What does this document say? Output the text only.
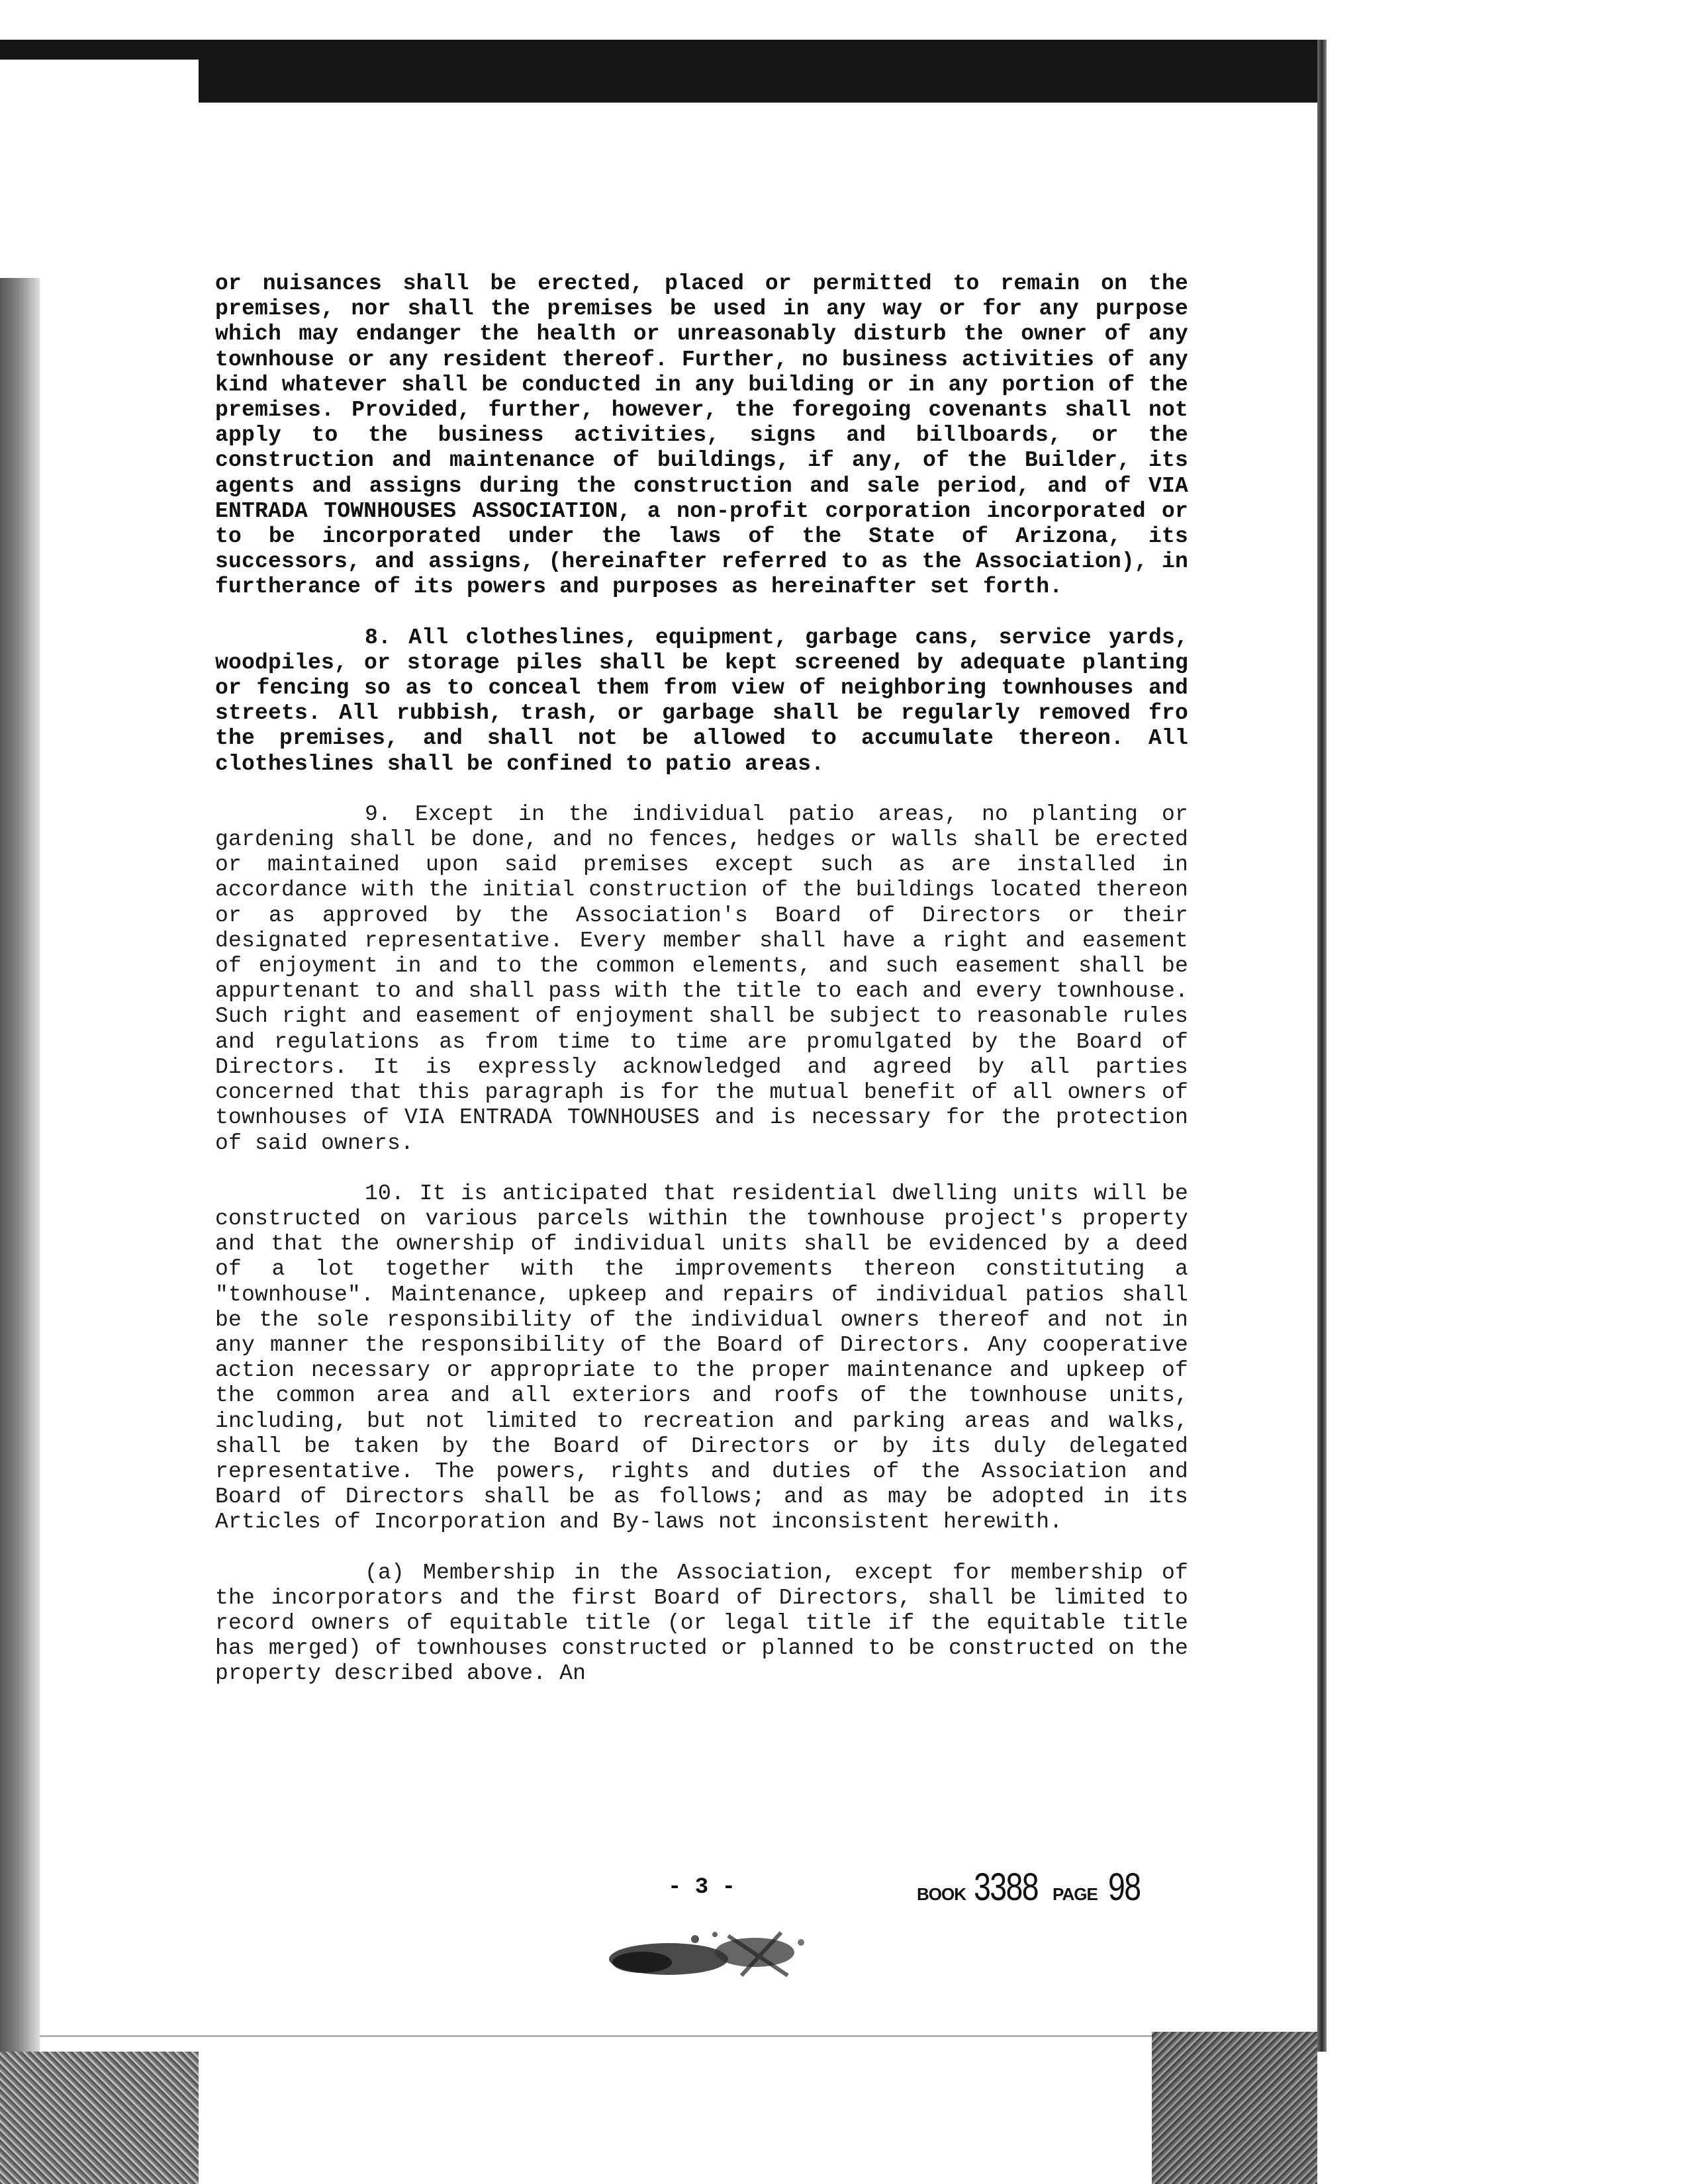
or nuisances shall be erected, placed or permitted to remain on the premises, nor shall the premises be used in any way or for any purpose which may endanger the health or unreasonably disturb the owner of any townhouse or any resident thereof. Further, no business activities of any kind whatever shall be conducted in any building or in any portion of the premises. Provided, further, however, the foregoing covenants shall not apply to the business activities, signs and billboards, or the construction and maintenance of buildings, if any, of the Builder, its agents and assigns during the construction and sale period, and of VIA ENTRADA TOWNHOUSES ASSOCIATION, a non-profit corporation incorporated or to be incorporated under the laws of the State of Arizona, its successors, and assigns, (hereinafter referred to as the Association), in furtherance of its powers and purposes as hereinafter set forth.

8. All clotheslines, equipment, garbage cans, service yards, woodpiles, or storage piles shall be kept screened by adequate planting or fencing so as to conceal them from view of neighboring townhouses and streets. All rubbish, trash, or garbage shall be regularly removed fro the premises, and shall not be allowed to accumulate thereon. All clotheslines shall be confined to patio areas.

9. Except in the individual patio areas, no planting or gardening shall be done, and no fences, hedges or walls shall be erected or maintained upon said premises except such as are installed in accordance with the initial construction of the buildings located thereon or as approved by the Association's Board of Directors or their designated representative. Every member shall have a right and easement of enjoyment in and to the common elements, and such easement shall be appurtenant to and shall pass with the title to each and every townhouse. Such right and easement of enjoyment shall be subject to reasonable rules and regulations as from time to time are promulgated by the Board of Directors. It is expressly acknowledged and agreed by all parties concerned that this paragraph is for the mutual benefit of all owners of townhouses of VIA ENTRADA TOWNHOUSES and is necessary for the protection of said owners.

10. It is anticipated that residential dwelling units will be constructed on various parcels within the townhouse project's property and that the ownership of individual units shall be evidenced by a deed of a lot together with the improvements thereon constituting a "townhouse". Maintenance, upkeep and repairs of individual patios shall be the sole responsibility of the individual owners thereof and not in any manner the responsibility of the Board of Directors. Any cooperative action necessary or appropriate to the proper maintenance and upkeep of the common area and all exteriors and roofs of the townhouse units, including, but not limited to recreation and parking areas and walks, shall be taken by the Board of Directors or by its duly delegated representative. The powers, rights and duties of the Association and Board of Directors shall be as follows; and as may be adopted in its Articles of Incorporation and By-laws not inconsistent herewith.

(a) Membership in the Association, except for membership of the incorporators and the first Board of Directors, shall be limited to record owners of equitable title (or legal title if the equitable title has merged) of townhouses constructed or planned to be constructed on the property described above. An

- 3 -	BOOK 3388 PAGE 98
